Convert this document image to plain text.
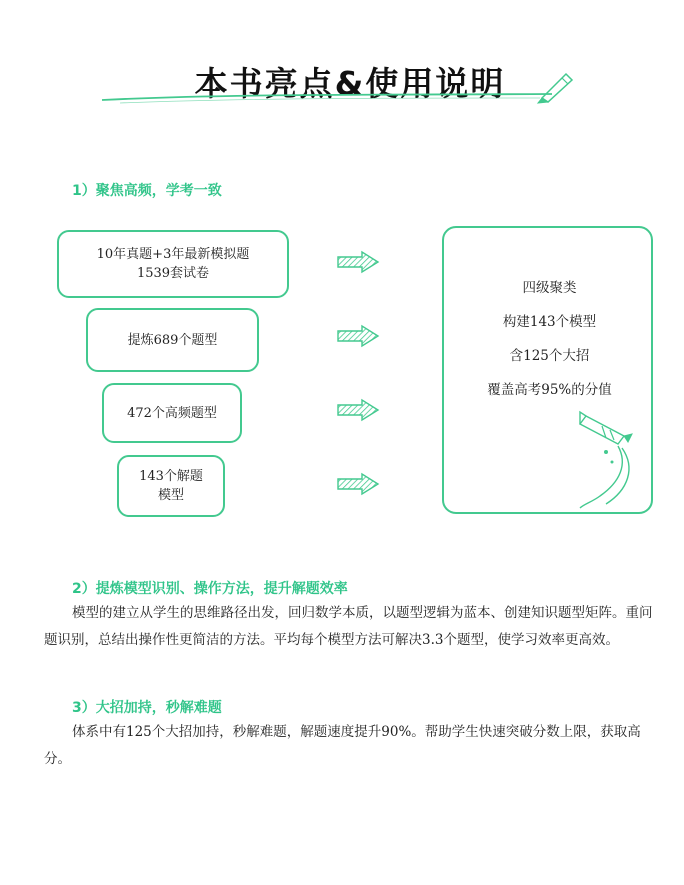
本书亮点&使用说明
1）聚焦高频，学考一致
10年真题+3年最新模拟题
1539套试卷
提炼689个题型
472个高频题型
143个解题
模型
四级聚类
构建143个模型
含125个大招
覆盖高考95%的分值
2）提炼模型识别、操作方法，提升解题效率
模型的建立从学生的思维路径出发，回归数学本质，以题型逻辑为蓝本、创建知识题型矩阵。重问题识别，总结出操作性更简洁的方法。平均每个模型方法可解决3.3个题型，使学习效率更高效。
3）大招加持，秒解难题
体系中有125个大招加持，秒解难题，解题速度提升90%。帮助学生快速突破分数上限，获取高分。
